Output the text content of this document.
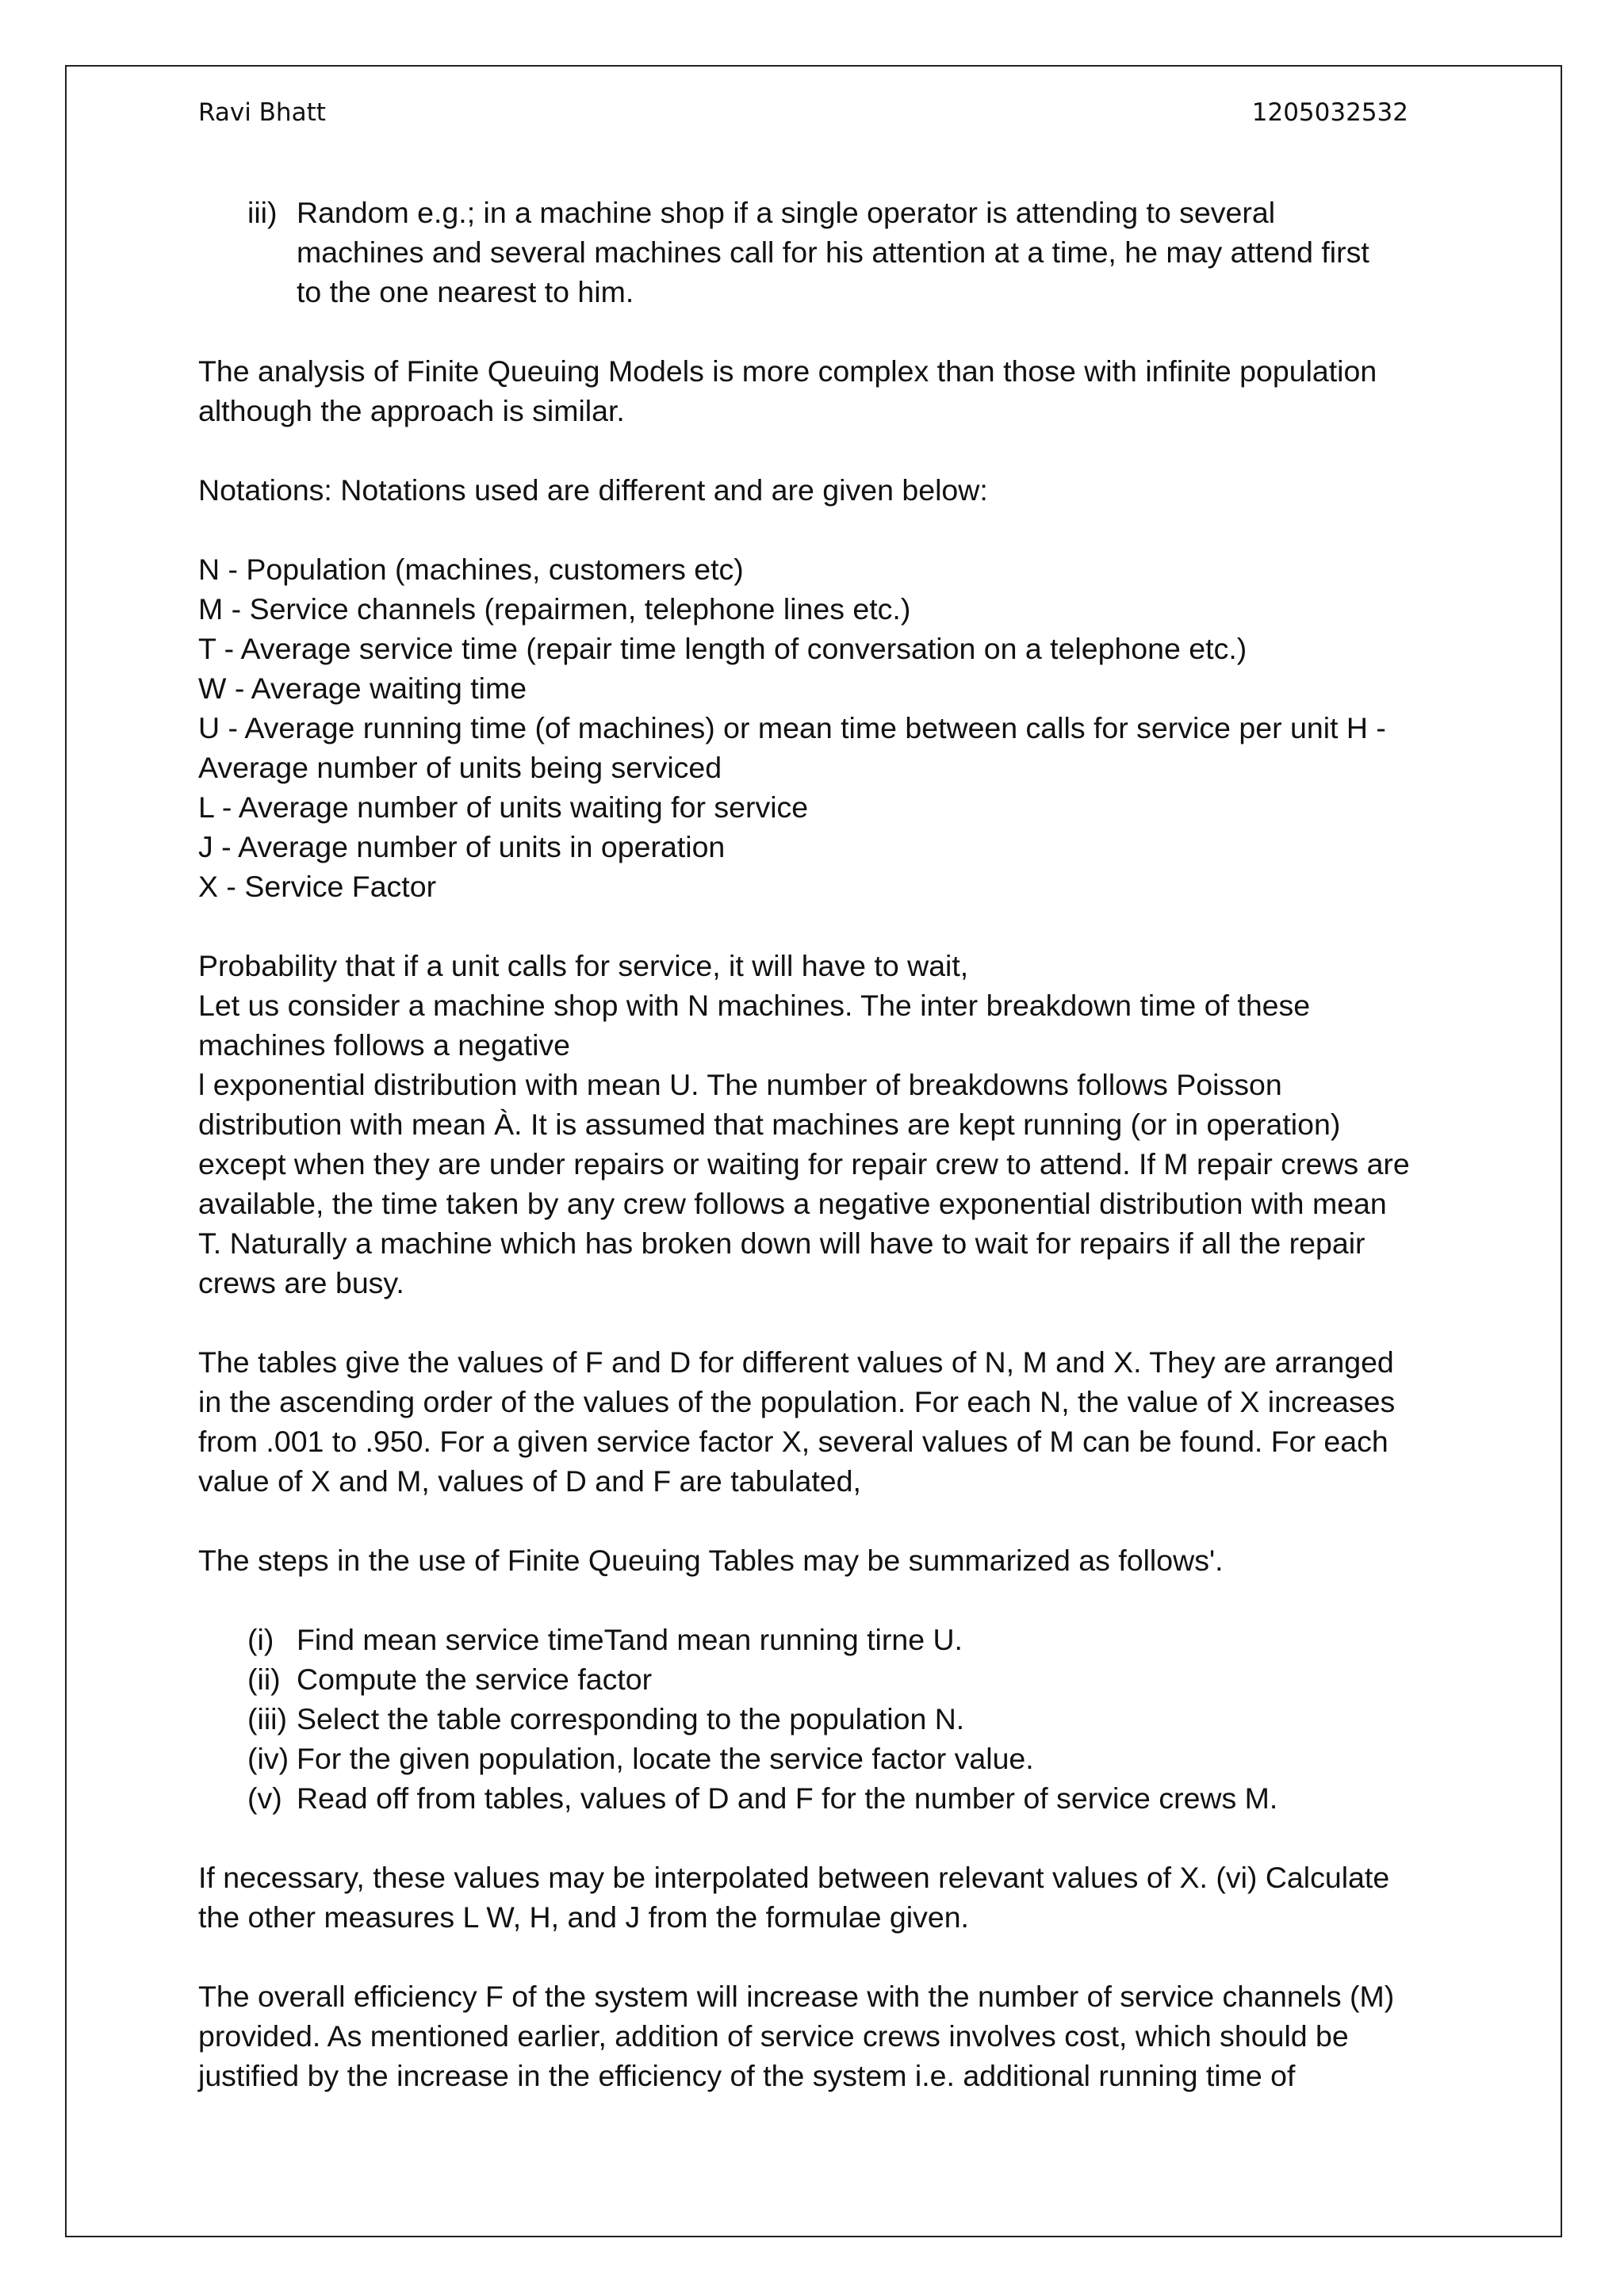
Ravi Bhatt	1205032532
iii) Random e.g.; in a machine shop if a single operator is attending to several
machines and several machines call for his attention at a time, he may attend first
to the one nearest to him.

The analysis of Finite Queuing Models is more complex than those with infinite population
although the approach is similar.

Notations: Notations used are different and are given below:

N - Population (machines, customers etc)
M - Service channels (repairmen, telephone lines etc.)
T - Average service time (repair time length of conversation on a telephone etc.)
W - Average waiting time
U - Average running time (of machines) or mean time between calls for service per unit H -
Average number of units being serviced
L - Average number of units waiting for service
J - Average number of units in operation
X - Service Factor

Probability that if a unit calls for service, it will have to wait,
Let us consider a machine shop with N machines. The inter breakdown time of these
machines follows a negative
l exponential distribution with mean U. The number of breakdowns follows Poisson
distribution with mean À. It is assumed that machines are kept running (or in operation)
except when they are under repairs or waiting for repair crew to attend. If M repair crews are
available, the time taken by any crew follows a negative exponential distribution with mean
T. Naturally a machine which has broken down will have to wait for repairs if all the repair
crews are busy.

The tables give the values of F and D for different values of N, M and X. They are arranged
in the ascending order of the values of the population. For each N, the value of X increases
from .001 to .950. For a given service factor X, several values of M can be found. For each
value of X and M, values of D and F are tabulated,

The steps in the use of Finite Queuing Tables may be summarized as follows'.

(i) Find mean service timeTand mean running tirne U.
(ii) Compute the service factor
(iii) Select the table corresponding to the population N.
(iv) For the given population, locate the service factor value.
(v) Read off from tables, values of D and F for the number of service crews M.

If necessary, these values may be interpolated between relevant values of X. (vi) Calculate
the other measures L W, H, and J from the formulae given.

The overall efficiency F of the system will increase with the number of service channels (M)
provided. As mentioned earlier, addition of service crews involves cost, which should be
justified by the increase in the efficiency of the system i.e. additional running time of
